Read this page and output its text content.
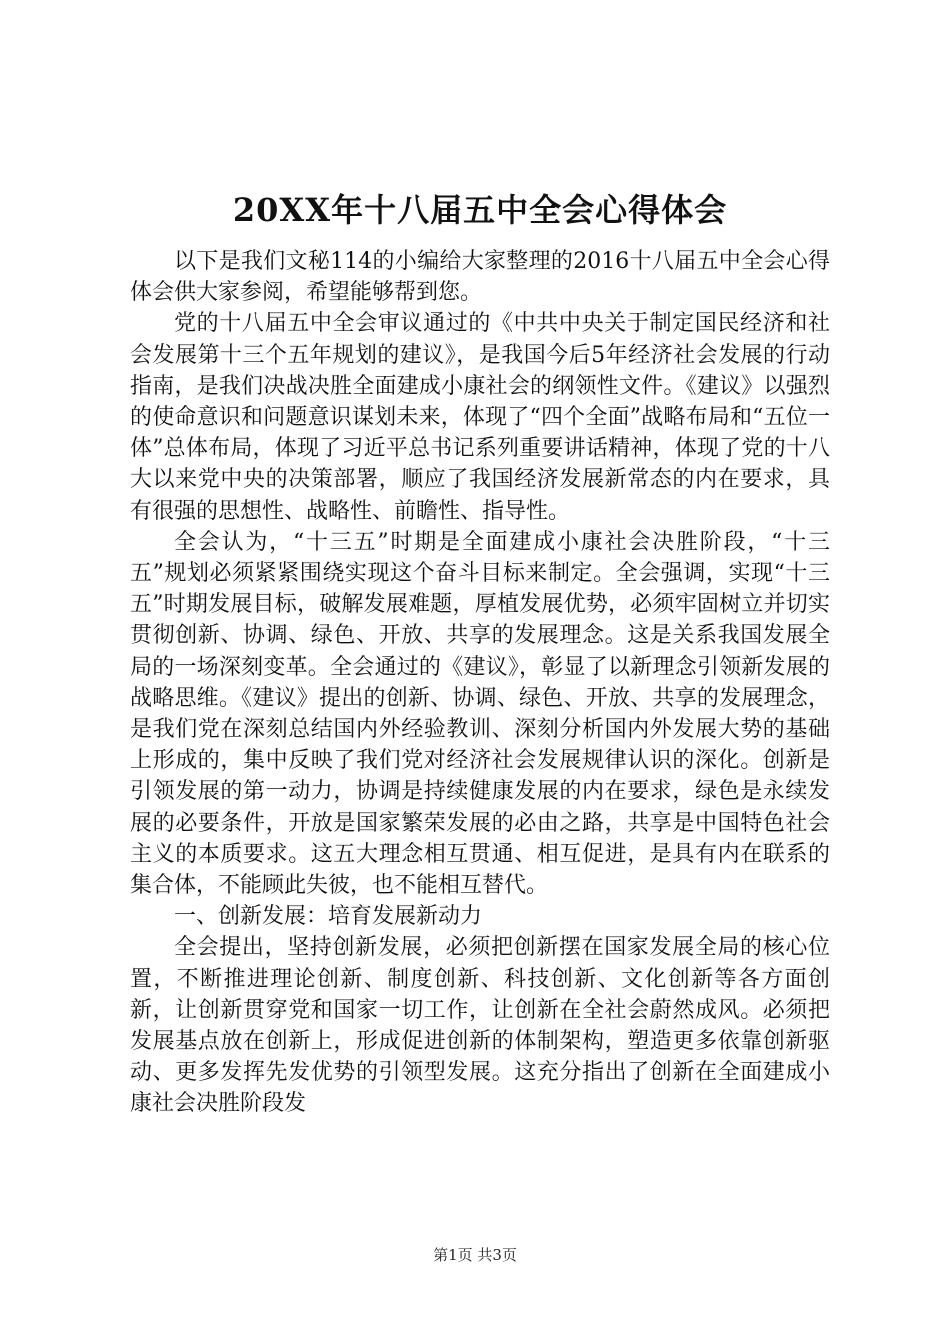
20XX年十八届五中全会心得体会

以下是我们文秘114的小编给大家整理的2016十八届五中全会心得体会供大家参阅，希望能够帮到您。

党的十八届五中全会审议通过的《中共中央关于制定国民经济和社会发展第十三个五年规划的建议》，是我国今后5年经济社会发展的行动指南，是我们决战决胜全面建成小康社会的纲领性文件。《建议》以强烈的使命意识和问题意识谋划未来，体现了“四个全面”战略布局和“五位一体”总体布局，体现了习近平总书记系列重要讲话精神，体现了党的十八大以来党中央的决策部署，顺应了我国经济发展新常态的内在要求，具有很强的思想性、战略性、前瞻性、指导性。

全会认为，“十三五”时期是全面建成小康社会决胜阶段，“十三五”规划必须紧紧围绕实现这个奋斗目标来制定。全会强调，实现“十三五”时期发展目标，破解发展难题，厚植发展优势，必须牢固树立并切实贯彻创新、协调、绿色、开放、共享的发展理念。这是关系我国发展全局的一场深刻变革。全会通过的《建议》，彰显了以新理念引领新发展的战略思维。《建议》提出的创新、协调、绿色、开放、共享的发展理念，是我们党在深刻总结国内外经验教训、深刻分析国内外发展大势的基础上形成的，集中反映了我们党对经济社会发展规律认识的深化。创新是引领发展的第一动力，协调是持续健康发展的内在要求，绿色是永续发展的必要条件，开放是国家繁荣发展的必由之路，共享是中国特色社会主义的本质要求。这五大理念相互贯通、相互促进，是具有内在联系的集合体，不能顾此失彼，也不能相互替代。

一、创新发展：培育发展新动力

全会提出，坚持创新发展，必须把创新摆在国家发展全局的核心位置，不断推进理论创新、制度创新、科技创新、文化创新等各方面创新，让创新贯穿党和国家一切工作，让创新在全社会蔚然成风。必须把发展基点放在创新上，形成促进创新的体制架构，塑造更多依靠创新驱动、更多发挥先发优势的引领型发展。这充分指出了创新在全面建成小康社会决胜阶段发

第1页 共3页
